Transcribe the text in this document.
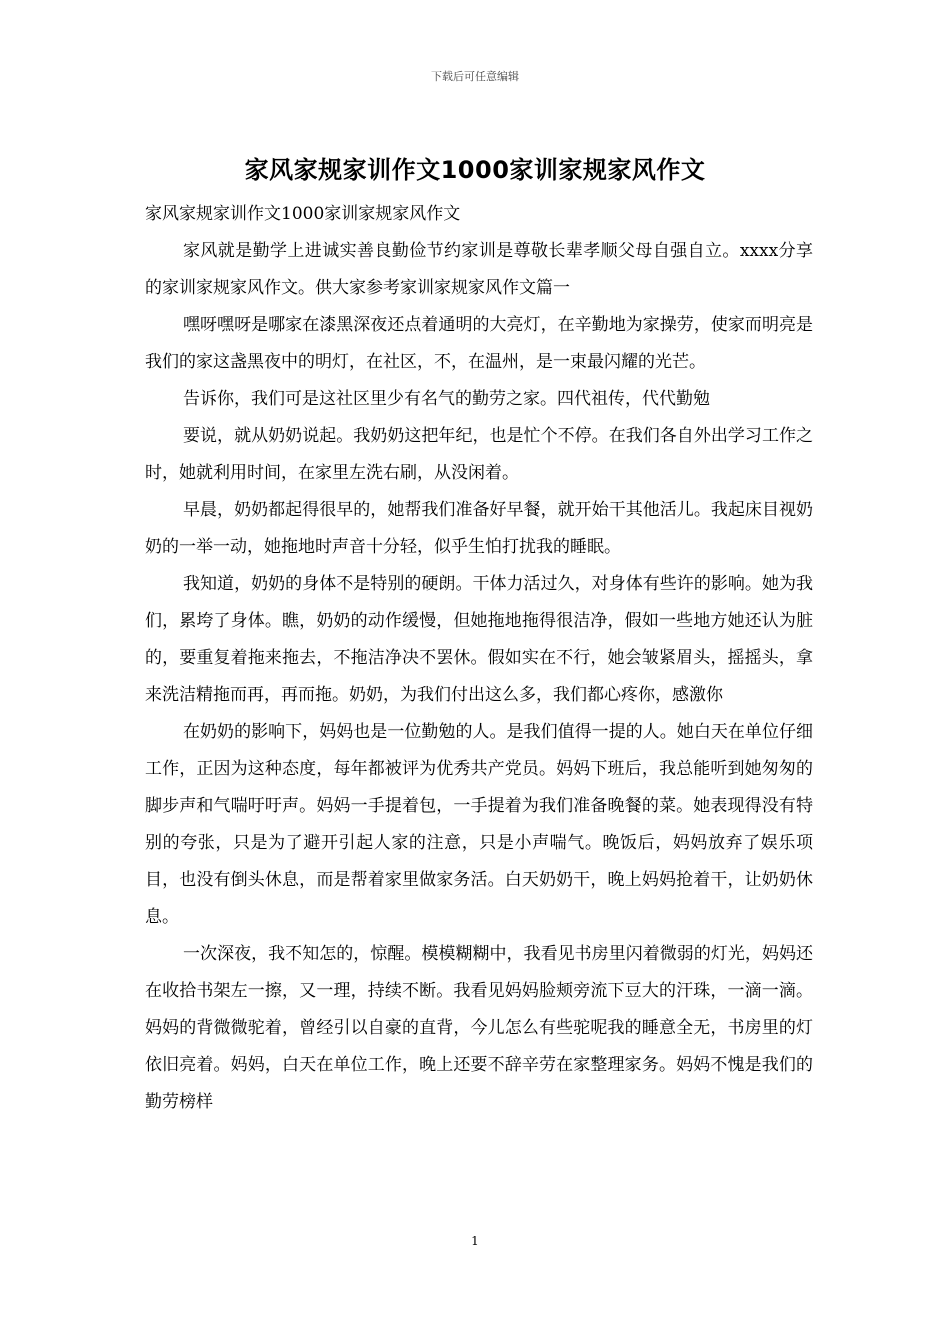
下载后可任意编辑
家风家规家训作文1000家训家规家风作文

家风家规家训作文1000家训家规家风作文

家风就是勤学上进诚实善良勤俭节约家训是尊敬长辈孝顺父母自强自立。xxxx分享的家训家规家风作文。供大家参考家训家规家风作文篇一

嘿呀嘿呀是哪家在漆黑深夜还点着通明的大亮灯，在辛勤地为家操劳，使家而明亮是我们的家这盏黑夜中的明灯，在社区，不，在温州，是一束最闪耀的光芒。

告诉你，我们可是这社区里少有名气的勤劳之家。四代祖传，代代勤勉

要说，就从奶奶说起。我奶奶这把年纪，也是忙个不停。在我们各自外出学习工作之时，她就利用时间，在家里左洗右刷，从没闲着。

早晨，奶奶都起得很早的，她帮我们准备好早餐，就开始干其他活儿。我起床目视奶奶的一举一动，她拖地时声音十分轻，似乎生怕打扰我的睡眠。

我知道，奶奶的身体不是特别的硬朗。干体力活过久，对身体有些许的影响。她为我们，累垮了身体。瞧，奶奶的动作缓慢，但她拖地拖得很洁净，假如一些地方她还认为脏的，要重复着拖来拖去，不拖洁净决不罢休。假如实在不行，她会皱紧眉头，摇摇头，拿来洗洁精拖而再，再而拖。奶奶，为我们付出这么多，我们都心疼你，感激你

在奶奶的影响下，妈妈也是一位勤勉的人。是我们值得一提的人。她白天在单位仔细工作，正因为这种态度，每年都被评为优秀共产党员。妈妈下班后，我总能听到她匆匆的脚步声和气喘吁吁声。妈妈一手提着包，一手提着为我们准备晚餐的菜。她表现得没有特别的夸张，只是为了避开引起人家的注意，只是小声喘气。晚饭后，妈妈放弃了娱乐项目，也没有倒头休息，而是帮着家里做家务活。白天奶奶干，晚上妈妈抢着干，让奶奶休息。

一次深夜，我不知怎的，惊醒。模模糊糊中，我看见书房里闪着微弱的灯光，妈妈还在收拾书架左一擦，又一理，持续不断。我看见妈妈脸颊旁流下豆大的汗珠，一滴一滴。妈妈的背微微驼着，曾经引以自豪的直背，今儿怎么有些驼呢我的睡意全无，书房里的灯依旧亮着。妈妈，白天在单位工作，晚上还要不辞辛劳在家整理家务。妈妈不愧是我们的勤劳榜样

1
